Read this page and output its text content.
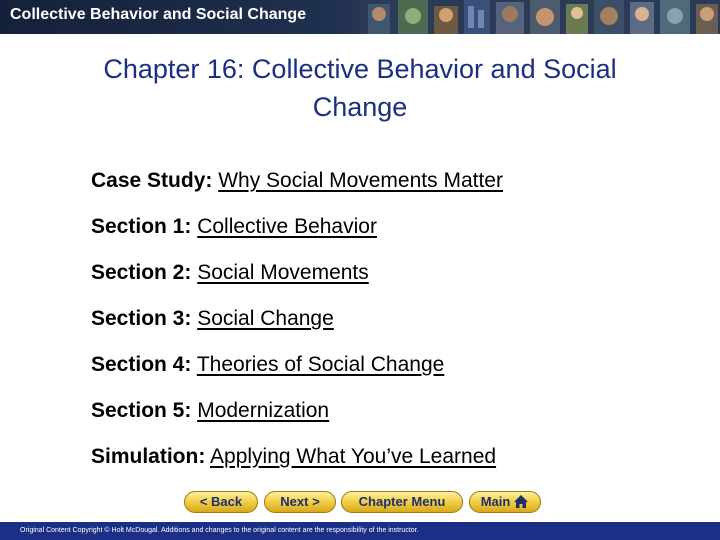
Collective Behavior and Social Change
Chapter 16: Collective Behavior and Social Change
Case Study: Why Social Movements Matter
Section 1: Collective Behavior
Section 2: Social Movements
Section 3: Social Change
Section 4: Theories of Social Change
Section 5: Modernization
Simulation: Applying What You’ve Learned
< Back	Next >	Chapter Menu	Main
Original Content Copyright © Holt McDougal. Additions and changes to the original content are the responsibility of the instructor.
